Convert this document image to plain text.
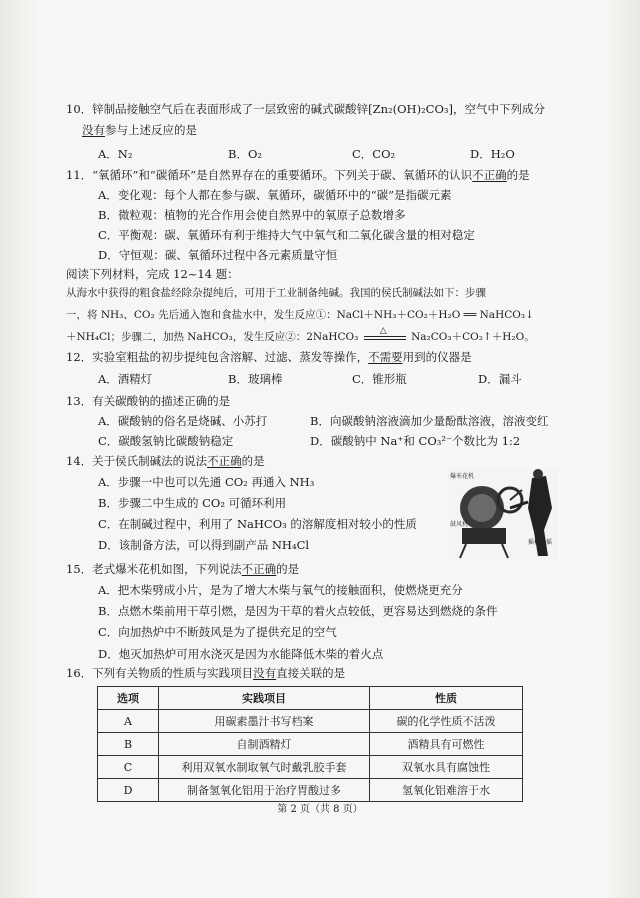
10．锌制品接触空气后在表面形成了一层致密的碱式碳酸锌[Zn₂(OH)₂CO₃]，空气中下列成分
没有参与上述反应的是
A．N₂	B．O₂	C．CO₂	D．H₂O
11．“氧循环”和“碳循环”是自然界存在的重要循环。下列关于碳、氧循环的认识不正确的是
A．变化观：每个人都在参与碳、氧循环，碳循环中的“碳”是指碳元素
B．微粒观：植物的光合作用会使自然界中的氧原子总数增多
C．平衡观：碳、氧循环有利于维持大气中氧气和二氧化碳含量的相对稳定
D．守恒观：碳、氧循环过程中各元素质量守恒
阅读下列材料，完成 12~14 题：
从海水中获得的粗食盐经除杂提纯后，可用于工业制备纯碱。我国的侯氏制碱法如下：步骤
一，将 NH₃、CO₂ 先后通入饱和食盐水中，发生反应①：NaCl＋NH₃＋CO₂＋H₂O ══ NaHCO₃↓
＋NH₄Cl；步骤二，加热 NaHCO₃，发生反应②：2NaHCO₃ △ Na₂CO₃＋CO₂↑＋H₂O。
12．实验室粗盐的初步提纯包含溶解、过滤、蒸发等操作，不需要用到的仪器是
A．酒精灯	B．玻璃棒	C．锥形瓶	D．漏斗
13．有关碳酸钠的描述正确的是
A．碳酸钠的俗名是烧碱、小苏打	B．向碳酸钠溶液滴加少量酚酞溶液，溶液变红
C．碳酸氢钠比碳酸钠稳定	D．碳酸钠中 Na⁺和 CO₃²⁻个数比为 1:2
14．关于侯氏制碱法的说法不正确的是
A．步骤一中也可以先通 CO₂ 再通入 NH₃
B．步骤二中生成的 CO₂ 可循环利用
C．在制碱过程中，利用了 NaHCO₃ 的溶解度相对较小的性质
D．该制备方法，可以得到副产品 NH₄Cl
爆米花机
鼓风机
摇柄手摇
15．老式爆米花机如图，下列说法不正确的是
A．把木柴劈成小片，是为了增大木柴与氧气的接触面积，使燃烧更充分
B．点燃木柴前用干草引燃，是因为干草的着火点较低，更容易达到燃烧的条件
C．向加热炉中不断鼓风是为了提供充足的空气
D．炮灭加热炉可用水浇灭是因为水能降低木柴的着火点
16．下列有关物质的性质与实践项目没有直接关联的是
选项	实践项目	性质
A	用碳素墨汁书写档案	碳的化学性质不活泼
B	自制酒精灯	酒精具有可燃性
C	利用双氧水制取氧气时戴乳胶手套	双氧水具有腐蚀性
D	制备氢氧化铝用于治疗胃酸过多	氢氧化铝难溶于水
第 2 页（共 8 页）
